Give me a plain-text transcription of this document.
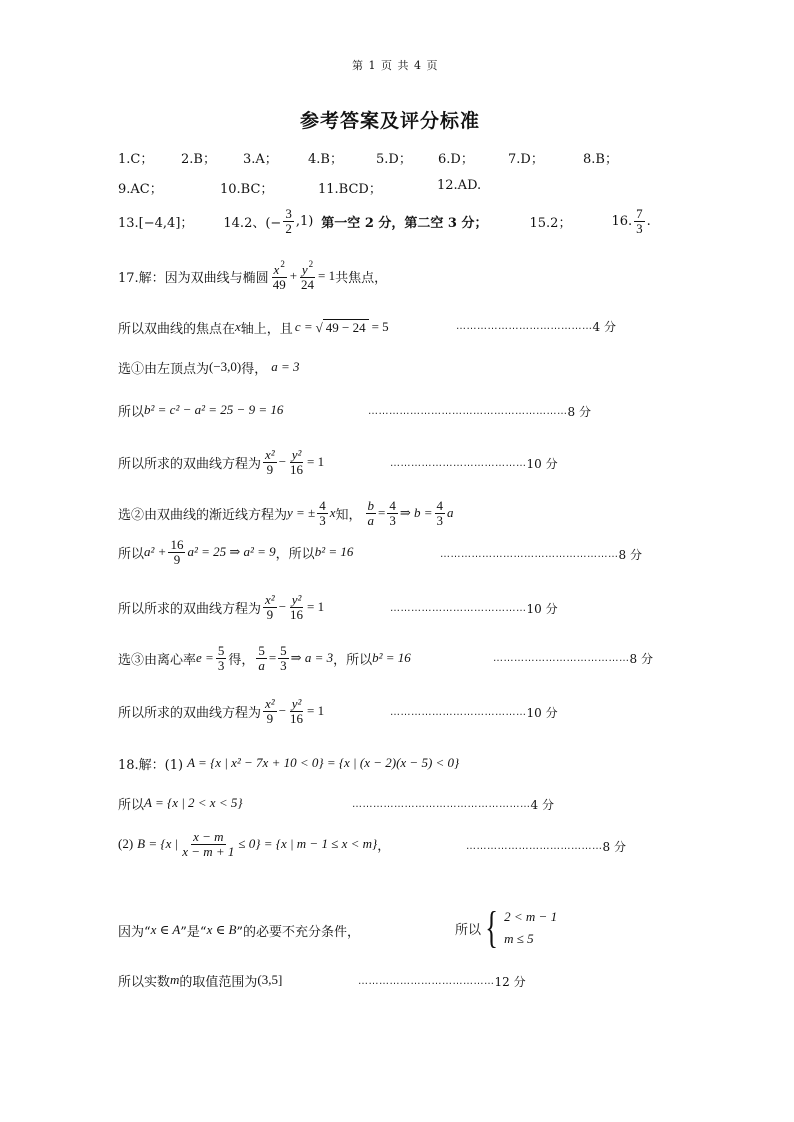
第 1 页 共 4 页
参考答案及评分标准
1.C； 2.B； 3.A； 4.B；	5.D； 6.D；	7.D；	8.B；
9.AC；	10.BC；	11.BCD；	12.AD.
13.[−4,4]； 14.2、(− $\frac{3}{2} ,1$) 第一空 2 分，第二空 3 分；	15.2；	16. $\frac{7}{3}$ .
17.解：因为双曲线与椭圆 $\frac{x^2}{49} + \frac{y^2}{24} = 1$ 共焦点，
所以双曲线的焦点在 x 轴上，且 c = √ 49 − 24 = 5	………………………………… 4 分
选①由左顶点为 (−3,0) 得， a = 3
所以 b² = c² − a² = 25 − 9 = 16	………………………………………………… 8 分
所以所求的双曲线方程为 $\frac{\text{x²}}{9} - \frac{\text{y²}}{16} = 1$	………………………………… 10 分
选②由双曲线的渐近线方程为 y = ± $\frac{4}{3}$ x 知， $\frac{b}{a} = \frac{4}{3}$ ⇒ $b = \frac{4}{3}$ a
所以 $a^2 + \frac{16}{9} a^2 = 25$ ⇒ a² = 9 ，所以 b² = 16	…………………………………………… 8 分
所以所求的双曲线方程为 $\frac{\text{x²}}{9} - \frac{\text{y²}}{16} = 1$	………………………………… 10 分
选③由离心率 $e = \frac{5}{3}$ 得， $\frac{5}{a} = \frac{5}{3}$ ⇒ a = 3 ，所以 b² = 16	………………………………… 8 分
所以所求的双曲线方程为 $\frac{\text{x²}}{9} - \frac{\text{y²}}{16} = 1$	………………………………… 10 分
18.解：(1) A = {x | x² − 7x + 10 < 0} = {x | (x − 2)(x − 5) < 0}
所以 A = {x | 2 < x < 5}	…………………………………………… 4 分
(2) B = {x | $\frac{x - m}{x - m + 1} \le 0\} = \{x$ | m − 1 ≤ x < m} ，	………………………………… 8 分
因为“ x ∈ A ”是“ x ∈ B ”的必要不充分条件，	所以 { 2 < m − 1
m ≤ 5
所以实数 m 的取值范围为 (3,5]	………………………………… 12 分
